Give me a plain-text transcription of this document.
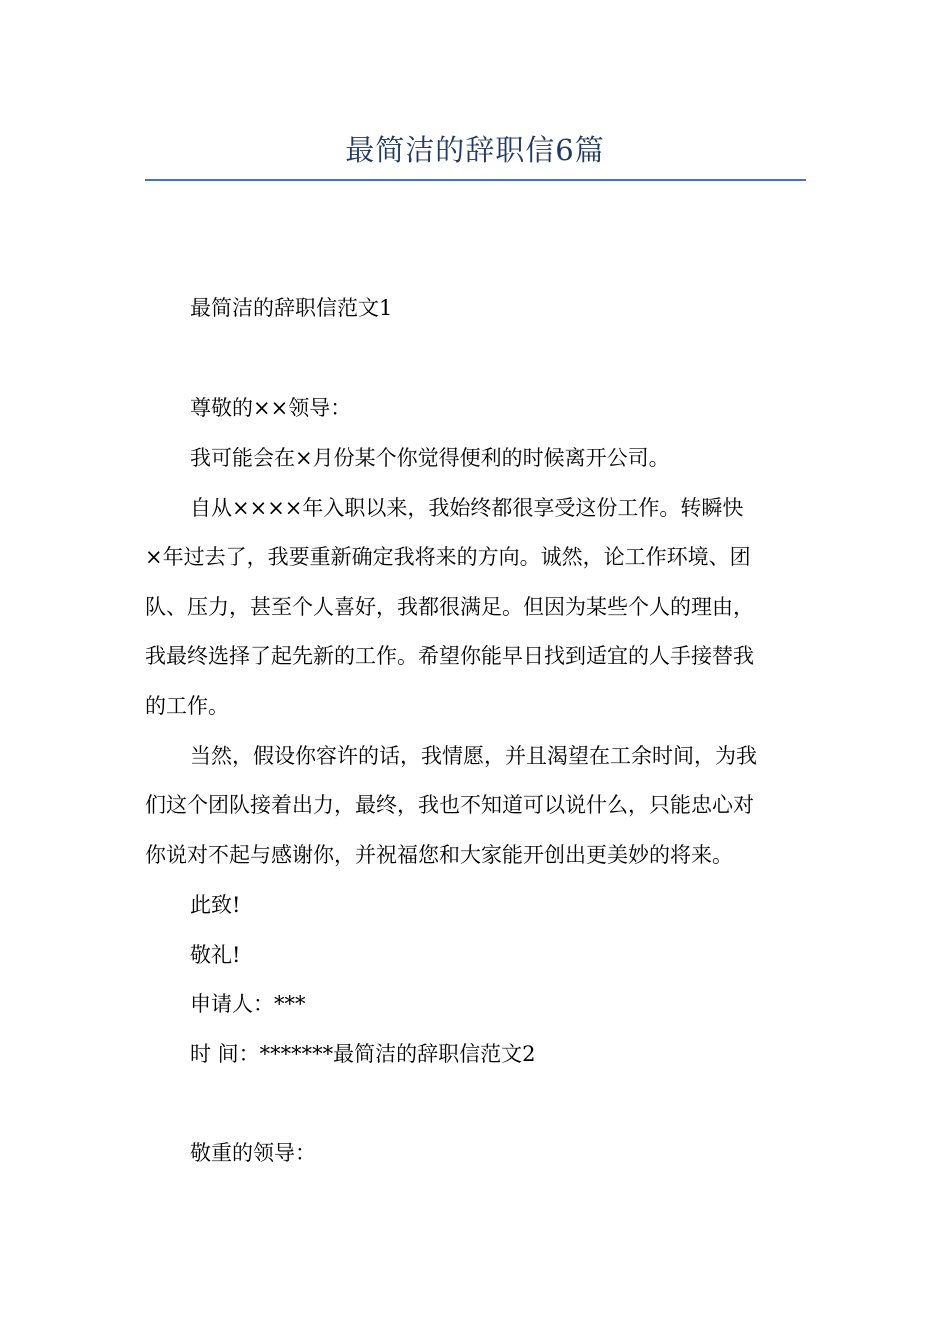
最简洁的辞职信6篇
最简洁的辞职信范文1
尊敬的××领导：
我可能会在×月份某个你觉得便利的时候离开公司。
自从××××年入职以来，我始终都很享受这份工作。转瞬快
×年过去了，我要重新确定我将来的方向。诚然，论工作环境、团
队、压力，甚至个人喜好，我都很满足。但因为某些个人的理由，
我最终选择了起先新的工作。希望你能早日找到适宜的人手接替我
的工作。
当然，假设你容许的话，我情愿，并且渴望在工余时间，为我
们这个团队接着出力，最终，我也不知道可以说什么，只能忠心对
你说对不起与感谢你，并祝福您和大家能开创出更美妙的将来。
此致!
敬礼!
申请人：***
时 间：*******最简洁的辞职信范文2
敬重的领导：
